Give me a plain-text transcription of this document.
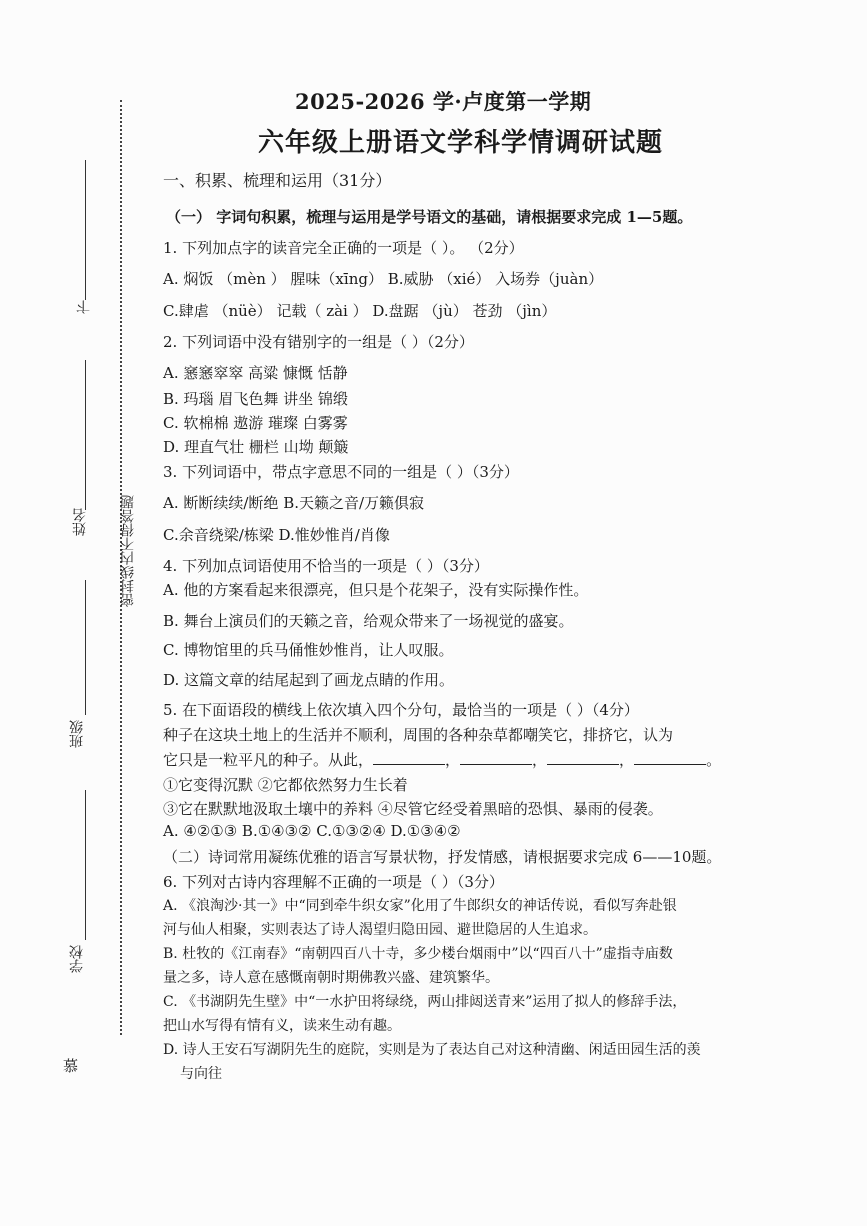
密封线内不得答题
卞
姓名
班级
学校
慕
2025-2026 学·卢度第一学期
六年级上册语文学科学情调研试题
一、积累、梳理和运用（31分）
（一） 字词句积累，梳理与运用是学号语文的基础，请根据要求完成 1—5题。
1. 下列加点字的读音完全正确的一项是（ ）。 （2分）
A. 焖饭 （mèn ） 腥味（xīng） B.威胁 （xié） 入场券（juàn）
C.肆虐 （nüè） 记载（ zài ） D.盘踞 （jù） 苍劲 （jìn）
2. 下列词语中没有错别字的一组是（ ）（2分）
A. 窸窸窣窣 高粱 慷慨 恬静
B. 玛瑙 眉飞色舞 讲坐 锦缎
C. 软棉棉 遨游 璀璨 白雾雾
D. 理直气壮 栅栏 山坳 颠簸
3. 下列词语中，带点字意思不同的一组是（ ）（3分）
A. 断断续续/断绝 B.天籁之音/万籁俱寂
C.余音绕梁/栋梁 D.惟妙惟肖/肖像
4. 下列加点词语使用不恰当的一项是（ ）（3分）
A. 他的方案看起来很漂亮，但只是个花架子，没有实际操作性。
B. 舞台上演员们的天籁之音，给观众带来了一场视觉的盛宴。
C. 博物馆里的兵马俑惟妙惟肖，让人叹服。
D. 这篇文章的结尾起到了画龙点睛的作用。
5. 在下面语段的横线上依次填入四个分句，最恰当的一项是（ ）（4分）
种子在这块土地上的生活并不顺利，周围的各种杂草都嘲笑它，排挤它，认为
它只是一粒平凡的种子。从此，	，	，	，	。
①它变得沉默 ②它都依然努力生长着
③它在默默地汲取土壤中的养料 ④尽管它经受着黑暗的恐惧、暴雨的侵袭。
A. ④②①③ B.①④③② C.①③②④ D.①③④②
（二）诗词常用凝练优雅的语言写景状物，抒发情感，请根据要求完成 6——10题。
6. 下列对古诗内容理解不正确的一项是（ ）（3分）
A. 《浪淘沙·其一》中“同到牵牛织女家”化用了牛郎织女的神话传说，看似写奔赴银
河与仙人相聚，实则表达了诗人渴望归隐田园、避世隐居的人生追求。
B. 杜牧的《江南春》“南朝四百八十寺，多少楼台烟雨中”以“四百八十”虚指寺庙数
量之多，诗人意在感慨南朝时期佛教兴盛、建筑繁华。
C. 《书湖阴先生壁》中“一水护田将绿绕，两山排闼送青来”运用了拟人的修辞手法，
把山水写得有情有义，读来生动有趣。
D. 诗人王安石写湖阴先生的庭院，实则是为了表达自己对这种清幽、闲适田园生活的羡
与向往
